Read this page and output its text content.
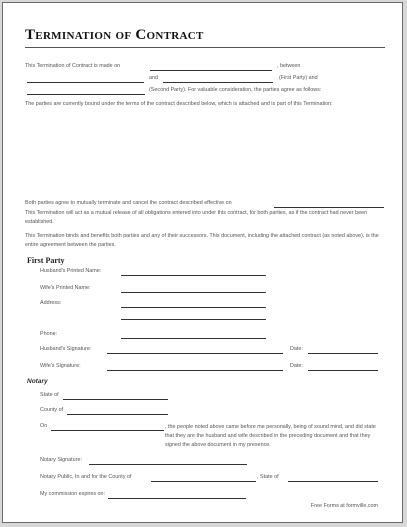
Termination of Contract
This Termination of Contract is made on	, between
and	(First Party) and
(Second Party). For valuable consideration, the parties agree as follows:
The parties are currently bound under the terms of the contract described below, which is attached and is part of this Termination:
Both parties agree to mutually terminate and cancel the contract described effective on
This Termination will act as a mutual release of all obligations entered into under this contract, for both parties, as if the contract had never been established.
This Termination binds and benefits both parties and any of their successors. This document, including the attached contract (as noted above), is the entire agreement between the parties.
First Party
Husband's Printed Name:
Wife's Printed Name:
Address:
Phone:
Husband's Signature:	Date:
Wife's Signature:	Date:
Notary
State of
County of
On	, the people noted above came before me personally, being of sound mind, and did state that they are the husband and wife described in the preceding document and that they signed the above document in my presence.
Notary Signature:
Notary Public, In and for the County of	, State of
My commission expires on:
Free Forms at formville.com
